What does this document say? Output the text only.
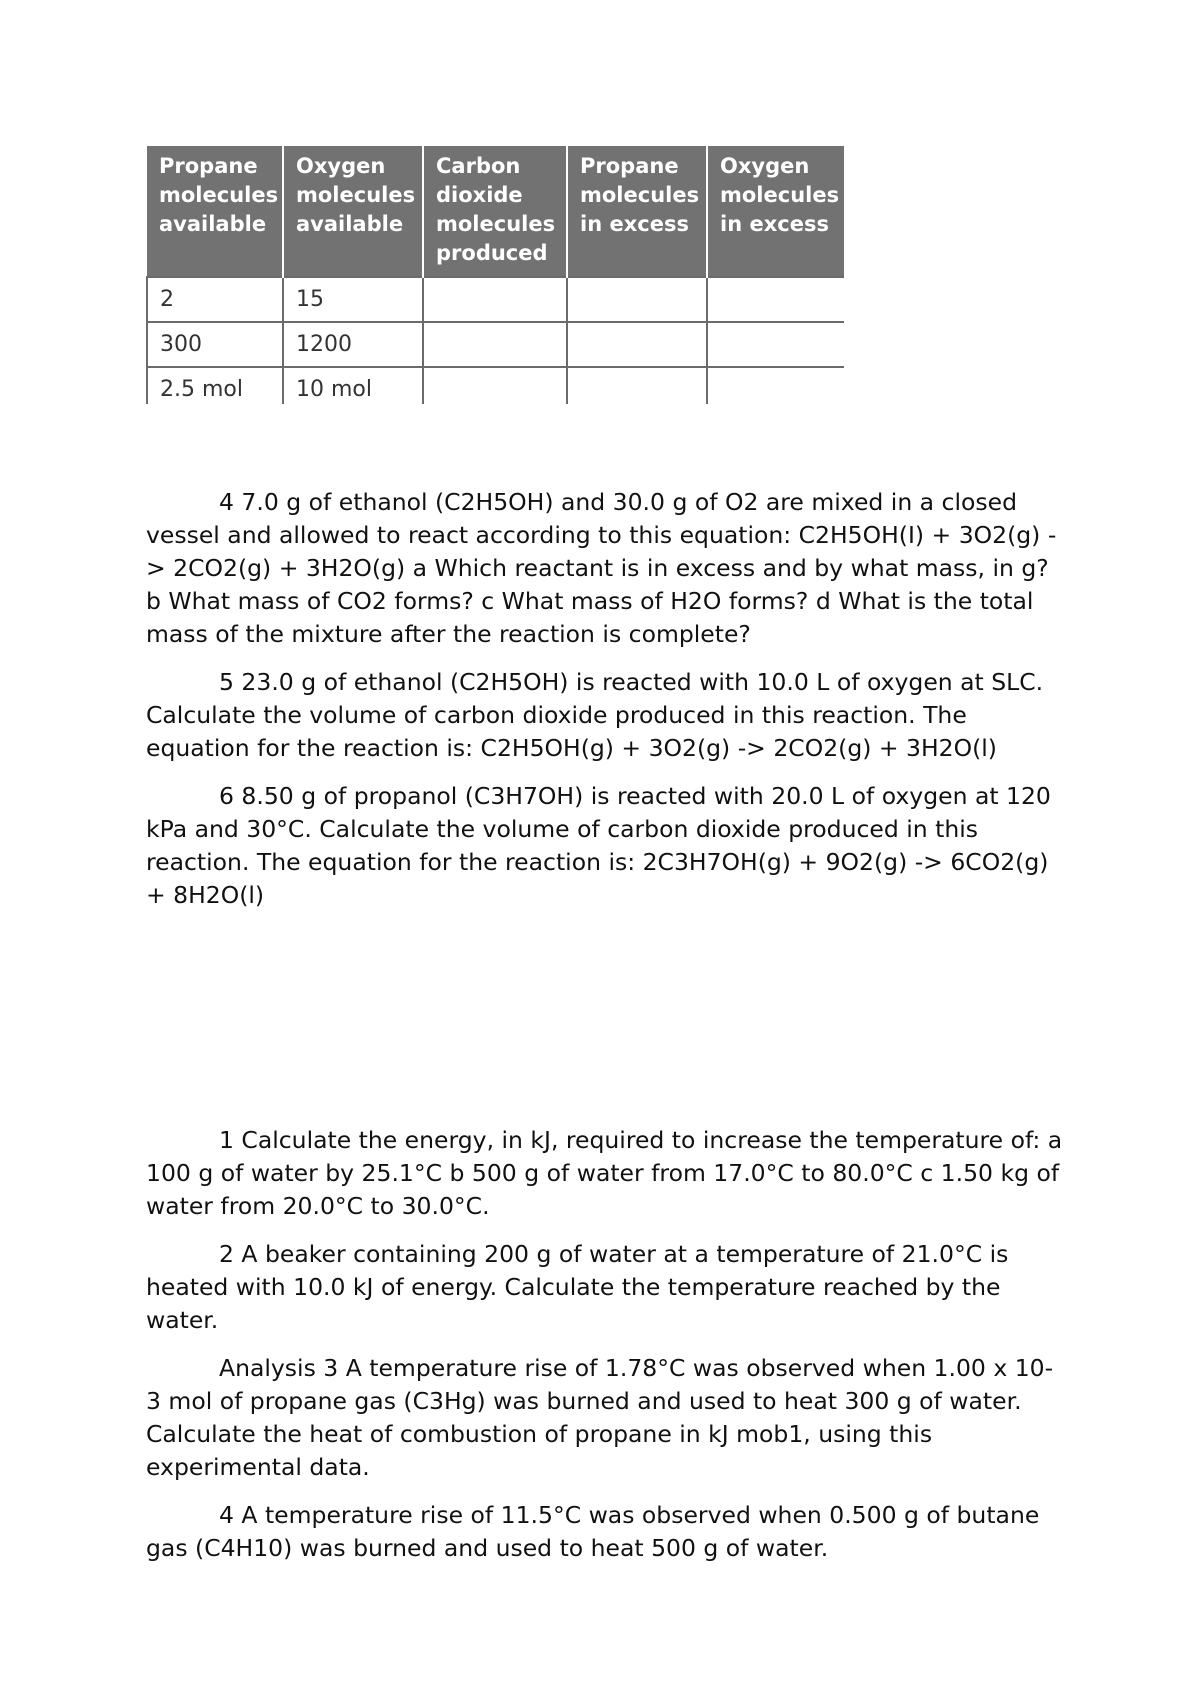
Propane molecules available	Oxygen molecules available	Carbon dioxide molecules produced	Propane molecules in excess	Oxygen molecules in excess
2	15			
300	1200			
2.5 mol	10 mol			

4 7.0 g of ethanol (C2H5OH) and 30.0 g of O2 are mixed in a closed vessel and allowed to react according to this equation: C2H5OH(I) + 3O2(g) -> 2CO2(g) + 3H2O(g) a Which reactant is in excess and by what mass, in g? b What mass of CO2 forms? c What mass of H2O forms? d What is the total mass of the mixture after the reaction is complete?

5 23.0 g of ethanol (C2H5OH) is reacted with 10.0 L of oxygen at SLC. Calculate the volume of carbon dioxide produced in this reaction. The equation for the reaction is: C2H5OH(g) + 3O2(g) -> 2CO2(g) + 3H2O(l)

6 8.50 g of propanol (C3H7OH) is reacted with 20.0 L of oxygen at 120 kPa and 30°C. Calculate the volume of carbon dioxide produced in this reaction. The equation for the reaction is: 2C3H7OH(g) + 9O2(g) -> 6CO2(g) + 8H2O(l)

1 Calculate the energy, in kJ, required to increase the temperature of: a 100 g of water by 25.1°C b 500 g of water from 17.0°C to 80.0°C c 1.50 kg of water from 20.0°C to 30.0°C.

2 A beaker containing 200 g of water at a temperature of 21.0°C is heated with 10.0 kJ of energy. Calculate the temperature reached by the water.

Analysis 3 A temperature rise of 1.78°C was observed when 1.00 x 10-3 mol of propane gas (C3Hg) was burned and used to heat 300 g of water. Calculate the heat of combustion of propane in kJ mob1, using this experimental data.

4 A temperature rise of 11.5°C was observed when 0.500 g of butane gas (C4H10) was burned and used to heat 500 g of water.
